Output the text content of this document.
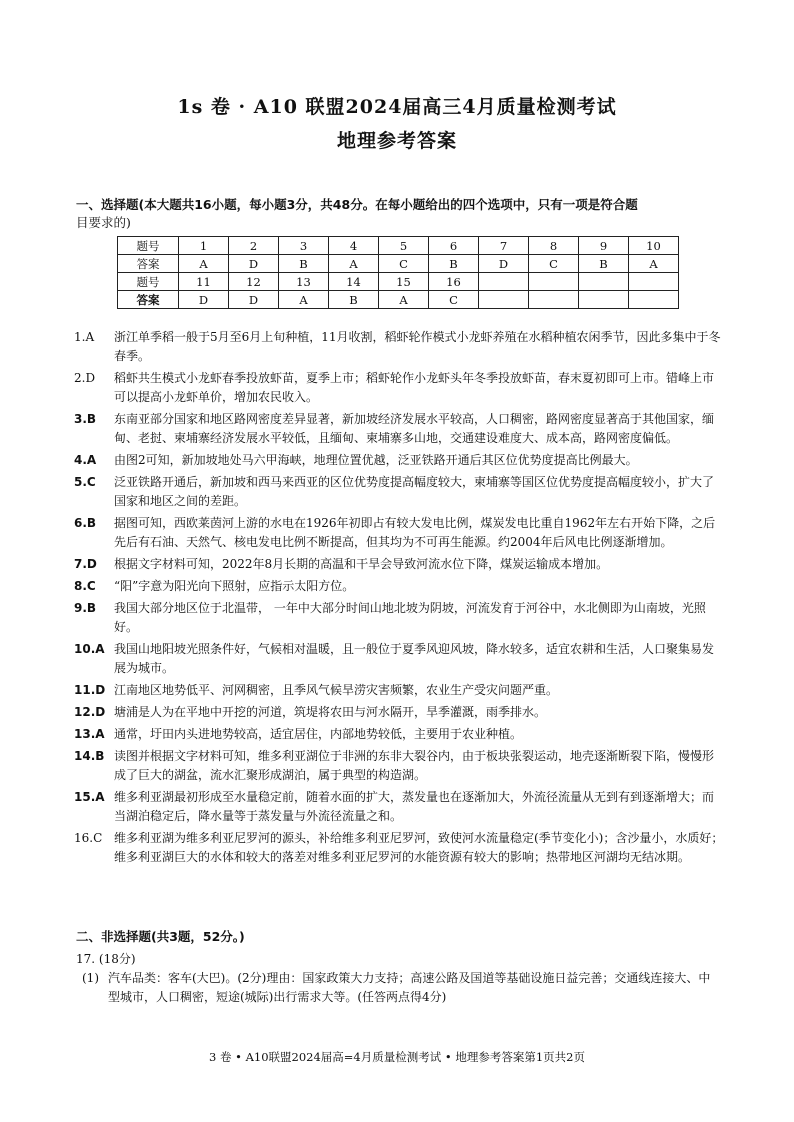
1s 卷 · A10 联盟2024届高三4月质量检测考试
地理参考答案
一、选择题(本大题共16小题，每小题3分，共48分。在每小题给出的四个选项中，只有一项是符合题
目要求的)
题号	1	2	3	4	5	6	7	8	9	10
答案	A	D	B	A	C	B	D	C	B	A
题号	11	12	13	14	15	16				
答案	D	D	A	B	A	C				
1.A	浙江单季稻一般于5月至6月上旬种植，11月收割，稻虾轮作模式小龙虾养殖在水稻种植农闲季节，因此多集中于冬春季。
2.D	稻虾共生模式小龙虾春季投放虾苗，夏季上市；稻虾轮作小龙虾头年冬季投放虾苗，春末夏初即可上市。错峰上市可以提高小龙虾单价，增加农民收入。
3.B	东南亚部分国家和地区路网密度差异显著，新加坡经济发展水平较高，人口稠密，路网密度显著高于其他国家，缅甸、老挝、柬埔寨经济发展水平较低，且缅甸、柬埔寨多山地，交通建设难度大、成本高，路网密度偏低。
4.A	由图2可知，新加坡地处马六甲海峡，地理位置优越，泛亚铁路开通后其区位优势度提高比例最大。
5.C	泛亚铁路开通后，新加坡和西马来西亚的区位优势度提高幅度较大，柬埔寨等国区位优势度提高幅度较小，扩大了国家和地区之间的差距。
6.B	据图可知，西欧莱茵河上游的水电在1926年初即占有较大发电比例，煤炭发电比重自1962年左右开始下降，之后先后有石油、天然气、核电发电比例不断提高，但其均为不可再生能源。约2004年后风电比例逐渐增加。
7.D	根据文字材料可知，2022年8月长期的高温和干旱会导致河流水位下降，煤炭运输成本增加。
8.C	“阳”字意为阳光向下照射，应指示太阳方位。
9.B	我国大部分地区位于北温带， 一年中大部分时间山地北坡为阴坡，河流发育于河谷中，水北侧即为山南坡，光照好。
10.A 我国山地阳坡光照条件好，气候相对温暖，且一般位于夏季风迎风坡，降水较多，适宜农耕和生活，人口聚集易发展为城市。
11.D 江南地区地势低平、河网稠密，且季风气候旱涝灾害频繁，农业生产受灾问题严重。
12.D 塘浦是人为在平地中开挖的河道，筑堤将农田与河水隔开，旱季灌溉，雨季排水。
13.A 通常，圩田内头进地势较高，适宜居住，内部地势较低，主要用于农业种植。
14.B 读图并根据文字材料可知，维多利亚湖位于非洲的东非大裂谷内，由于板块张裂运动，地壳逐渐断裂下陷，慢慢形成了巨大的湖盆，流水汇聚形成湖泊，属于典型的构造湖。
15.A 维多利亚湖最初形成至水量稳定前，随着水面的扩大，蒸发量也在逐渐加大，外流径流量从无到有到逐渐增大；而当湖泊稳定后，降水量等于蒸发量与外流径流量之和。
16.C 维多利亚湖为维多利亚尼罗河的源头，补给维多利亚尼罗河，致使河水流量稳定(季节变化小)；含沙量小，水质好；维多利亚湖巨大的水体和较大的落差对维多利亚尼罗河的水能资源有较大的影响；热带地区河湖均无结冰期。
二、非选择题(共3题，52分。)
17. (18分)
(1) 汽车品类：客车(大巴)。(2分)理由：国家政策大力支持；高速公路及国道等基础设施日益完善；交通线连接大、中型城市，人口稠密，短途(城际)出行需求大等。(任答两点得4分)
3 卷 • A10联盟2024届高=4月质量检测考试 • 地理参考答案第1页共2页
